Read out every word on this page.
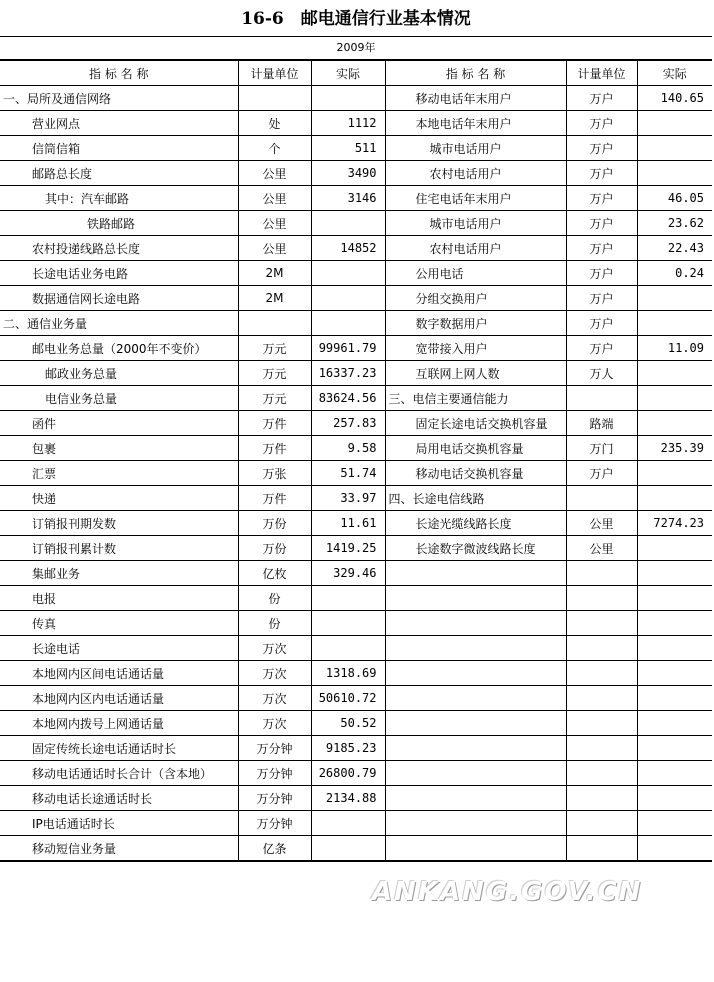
16-6　邮电通信行业基本情况
2009年
指 标 名 称	计量单位	实际	指 标 名 称	计量单位	实际
一、局所及通信网络			移动电话年末用户	万户	140.65
营业网点	处	1112	本地电话年末用户	万户	
信筒信箱	个	511	城市电话用户	万户	
邮路总长度	公里	3490	农村电话用户	万户	
其中：汽车邮路	公里	3146	住宅电话年末用户	万户	46.05
铁路邮路	公里		城市电话用户	万户	23.62
农村投递线路总长度	公里	14852	农村电话用户	万户	22.43
长途电话业务电路	2M		公用电话	万户	0.24
数据通信网长途电路	2M		分组交换用户	万户	
二、通信业务量			数字数据用户	万户	
邮电业务总量（2000年不变价）	万元	99961.79	宽带接入用户	万户	11.09
邮政业务总量	万元	16337.23	互联网上网人数	万人	
电信业务总量	万元	83624.56	三、电信主要通信能力		
函件	万件	257.83	固定长途电话交换机容量	路端	
包裹	万件	9.58	局用电话交换机容量	万门	235.39
汇票	万张	51.74	移动电话交换机容量	万户	
快递	万件	33.97	四、长途电信线路		
订销报刊期发数	万份	11.61	长途光缆线路长度	公里	7274.23
订销报刊累计数	万份	1419.25	长途数字微波线路长度	公里	
集邮业务	亿枚	329.46			
电报	份				
传真	份				
长途电话	万次				
本地网内区间电话通话量	万次	1318.69			
本地网内区内电话通话量	万次	50610.72			
本地网内拨号上网通话量	万次	50.52			
固定传统长途电话通话时长	万分钟	9185.23			
移动电话通话时长合计（含本地）	万分钟	26800.79			
移动电话长途通话时长	万分钟	2134.88			
IP电话通话时长	万分钟				
移动短信业务量	亿条				
ANKANG.GOV.CN
